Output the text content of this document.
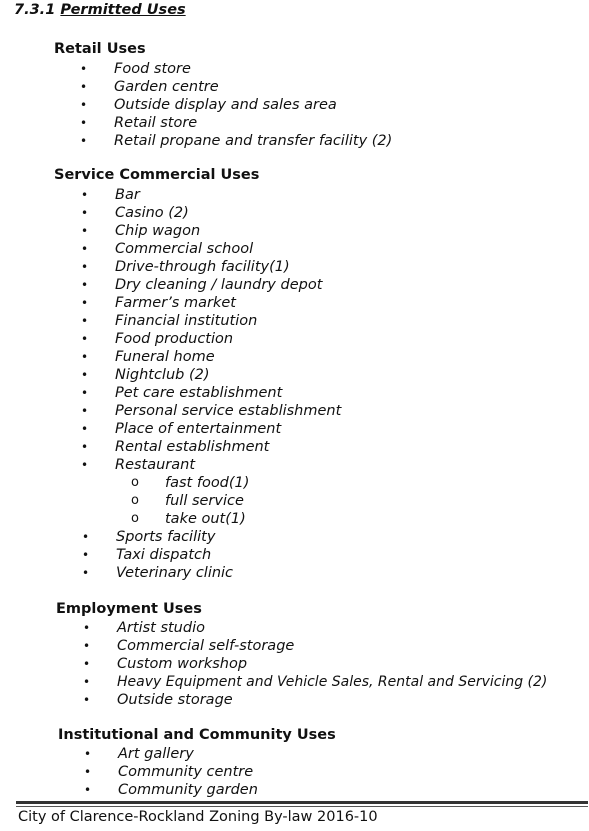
7.3.1 Permitted Uses
Retail Uses
• Food store
• Garden centre
• Outside display and sales area
• Retail store
• Retail propane and transfer facility (2)
Service Commercial Uses
• Bar
• Casino (2)
• Chip wagon
• Commercial school
• Drive-through facility(1)
• Dry cleaning / laundry depot
• Farmer’s market
• Financial institution
• Food production
• Funeral home
• Nightclub (2)
• Pet care establishment
• Personal service establishment
• Place of entertainment
• Rental establishment
• Restaurant
o fast food(1)
o full service
o take out(1)
• Sports facility
• Taxi dispatch
• Veterinary clinic
Employment Uses
• Artist studio
• Commercial self-storage
• Custom workshop
• Heavy Equipment and Vehicle Sales, Rental and Servicing (2)
• Outside storage
Institutional and Community Uses
• Art gallery
• Community centre
• Community garden

City of Clarence-Rockland Zoning By-law 2016-10
